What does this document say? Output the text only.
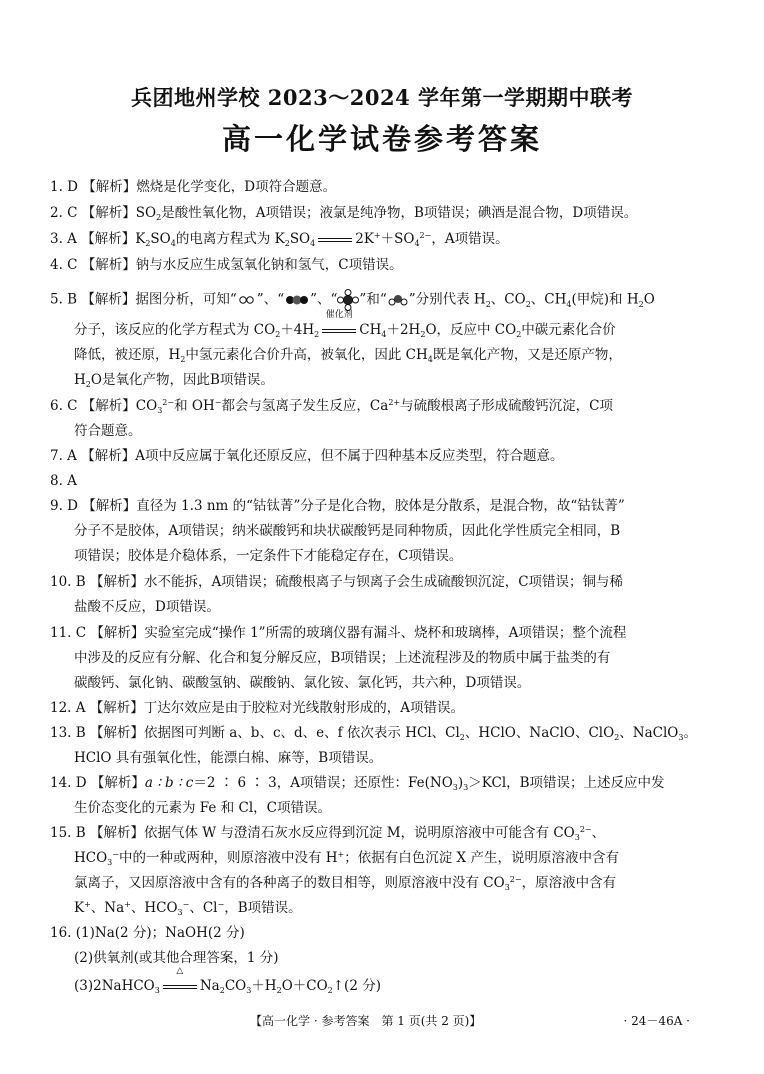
兵团地州学校 2023～2024 学年第一学期期中联考
高一化学试卷参考答案
1. D 【解析】燃烧是化学变化，D项符合题意。
2. C 【解析】$SO_2$是酸性氧化物，A项错误；液氯是纯净物，B项错误；碘酒是混合物，D项错误。
3. A 【解析】$K_2SO_4$的电离方程式为 $K_2SO_4$	$2K^++SO_4^{2-}$，A项错误。
4. C 【解析】钠与水反应生成氢氧化钠和氢气，C项错误。
5. B 【解析】据图分析，可知“ ”、“ ”、“ ”和“ ”分别代表 $H_2$、$CO_2$、$CH_4$(甲烷)和 $H_2O$
分子，该反应的化学方程式为 $CO_2+4H_2$
催化剂
$CH_4+2H_2O$，反应中 $CO_2$中碳元素化合价
降低，被还原，$H_2$中氢元素化合价升高，被氧化，因此 $CH_4$既是氧化产物，又是还原产物，
$H_2O$是氧化产物，因此B项错误。
6. C 【解析】$CO_3^{2-}$和 OH−都会与氢离子发生反应，$Ca^{2+}$与硫酸根离子形成硫酸钙沉淀，C项
符合题意。
7. A 【解析】A项中反应属于氧化还原反应，但不属于四种基本反应类型，符合题意。
8. A
9. D 【解析】直径为 1.3 nm 的“钴钛菁”分子是化合物，胶体是分散系，是混合物，故“钴钛菁”
分子不是胶体，A项错误；纳米碳酸钙和块状碳酸钙是同种物质，因此化学性质完全相同，B
项错误；胶体是介稳体系，一定条件下才能稳定存在，C项错误。
10. B 【解析】水不能拆，A项错误；硫酸根离子与钡离子会生成硫酸钡沉淀，C项错误；铜与稀
盐酸不反应，D项错误。
11. C 【解析】实验室完成“操作 1”所需的玻璃仪器有漏斗、烧杯和玻璃棒，A项错误；整个流程
中涉及的反应有分解、化合和复分解反应，B项错误；上述流程涉及的物质中属于盐类的有
碳酸钙、氯化钠、碳酸氢钠、碳酸钠、氯化铵、氯化钙，共六种，D项错误。
12. A 【解析】丁达尔效应是由于胶粒对光线散射形成的，A项错误。
13. B 【解析】依据图可判断 a、b、c、d、e、f 依次表示 HCl、$Cl_2$、HClO、NaClO、ClO$_2$、NaClO$_3$。
HClO 具有强氧化性，能漂白棉、麻等，B项错误。
14. D 【解析】a ∶ b ∶ c＝2 ∶ 6 ∶ 3，A项错误；还原性：$Fe(NO_3)_3>KCl$，B项错误；上述反应中发
生价态变化的元素为 Fe 和 Cl，C项错误。
15. B 【解析】依据气体 W 与澄清石灰水反应得到沉淀 M，说明原溶液中可能含有 $CO_3^{2-}$、
$HCO_3^-$中的一种或两种，则原溶液中没有 H+；依据有白色沉淀 X 产生，说明原溶液中含有
氯离子，又因原溶液中含有的各种离子的数目相等，则原溶液中没有 $CO_3^{2-}$，原溶液中含有
K+、Na+、$HCO_3^-$、Cl−，B项错误。
16. (1)Na(2 分)；NaOH(2 分)
(2)供氧剂(或其他合理答案，1 分)
(3)2NaHCO$_3$
△
$Na_2CO_3+H_2O+CO_2↑(2$ 分)
【高一化学 · 参考答案　第 1 页(共 2 页)】	· 24－46A ·
